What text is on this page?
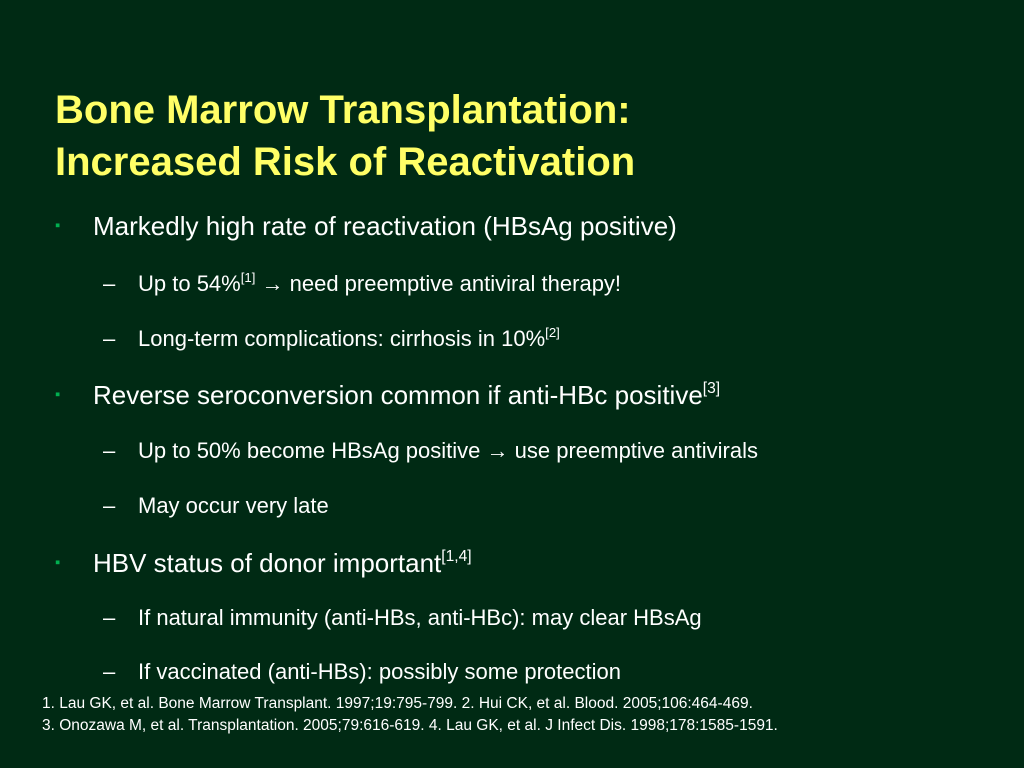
Bone Marrow Transplantation:
Increased Risk of Reactivation
▪ Markedly high rate of reactivation (HBsAg positive)
– Up to 54%[1] → need preemptive antiviral therapy!
– Long-term complications: cirrhosis in 10%[2]
▪ Reverse seroconversion common if anti-HBc positive[3]
– Up to 50% become HBsAg positive → use preemptive antivirals
– May occur very late
▪ HBV status of donor important[1,4]
– If natural immunity (anti-HBs, anti-HBc): may clear HBsAg
– If vaccinated (anti-HBs): possibly some protection
1. Lau GK, et al. Bone Marrow Transplant. 1997;19:795-799. 2. Hui CK, et al. Blood. 2005;106:464-469.
3. Onozawa M, et al. Transplantation. 2005;79:616-619. 4. Lau GK, et al. J Infect Dis. 1998;178:1585-1591.
